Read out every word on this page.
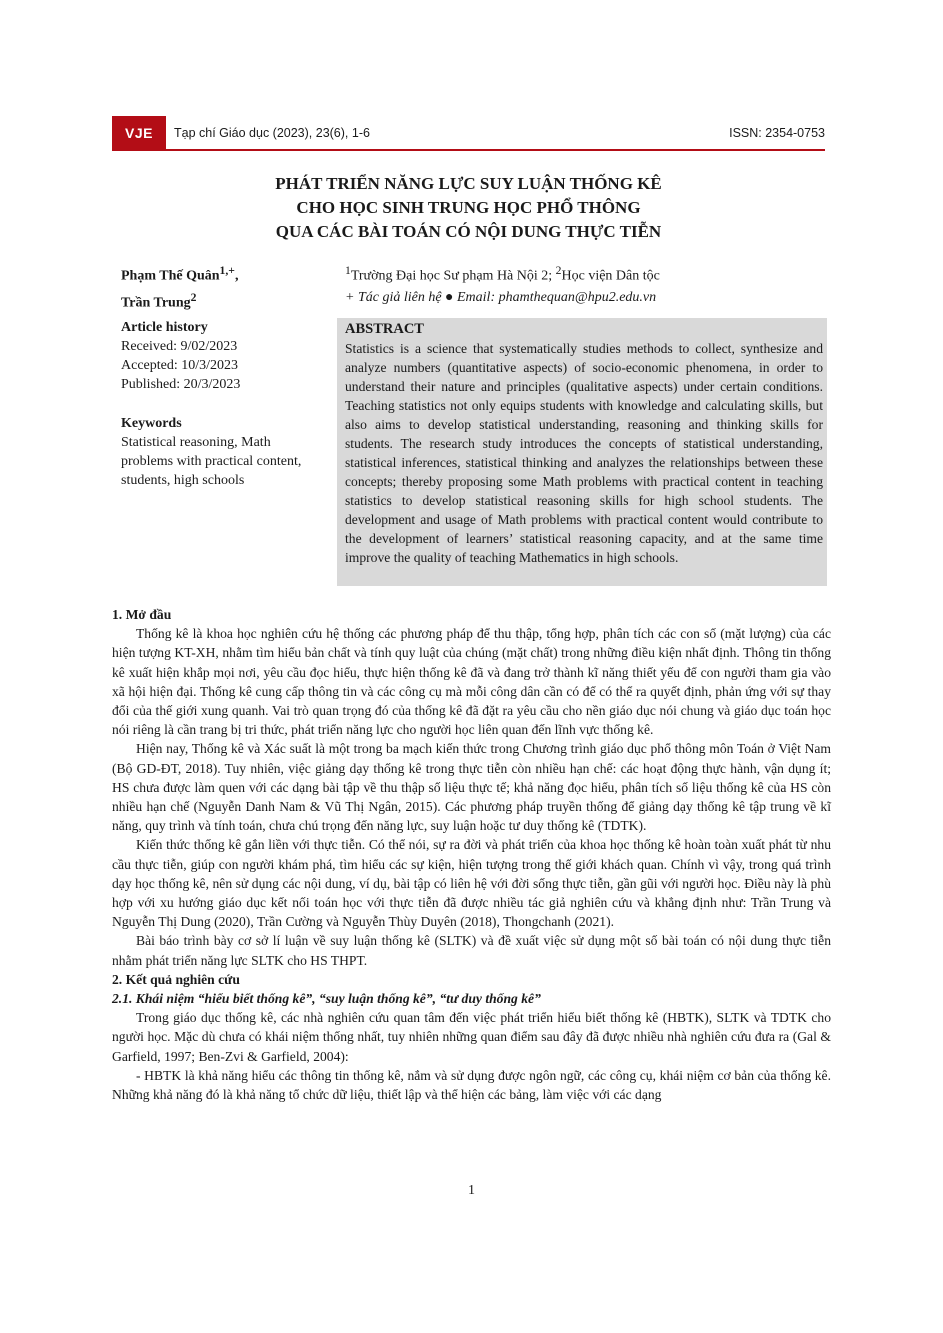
VJE	Tạp chí Giáo dục (2023), 23(6), 1-6	ISSN: 2354-0753
PHÁT TRIỂN NĂNG LỰC SUY LUẬN THỐNG KÊ
CHO HỌC SINH TRUNG HỌC PHỔ THÔNG
QUA CÁC BÀI TOÁN CÓ NỘI DUNG THỰC TIỄN
Phạm Thế Quân$^{1,+}$,
Trần Trung$^2$
$^1$Trường Đại học Sư phạm Hà Nội 2; $^2$Học viện Dân tộc
+ Tác giả liên hệ ● Email: phamthequan@hpu2.edu.vn
Article history
Received: 9/02/2023
Accepted: 10/3/2023
Published: 20/3/2023
Keywords
Statistical reasoning, Math problems with practical content, students, high schools
ABSTRACT
Statistics is a science that systematically studies methods to collect, synthesize and analyze numbers (quantitative aspects) of socio-economic phenomena, in order to understand their nature and principles (qualitative aspects) under certain conditions. Teaching statistics not only equips students with knowledge and calculating skills, but also aims to develop statistical understanding, reasoning and thinking skills for students. The research study introduces the concepts of statistical understanding, statistical inferences, statistical thinking and analyzes the relationships between these concepts; thereby proposing some Math problems with practical content in teaching statistics to develop statistical reasoning skills for high school students. The development and usage of Math problems with practical content would contribute to the development of learners’ statistical reasoning capacity, and at the same time improve the quality of teaching Mathematics in high schools.

1. Mở đầu

Thống kê là khoa học nghiên cứu hệ thống các phương pháp để thu thập, tổng hợp, phân tích các con số (mặt lượng) của các hiện tượng KT-XH, nhằm tìm hiểu bản chất và tính quy luật của chúng (mặt chất) trong những điều kiện nhất định. Thông tin thống kê xuất hiện khắp mọi nơi, yêu cầu đọc hiểu, thực hiện thống kê đã và đang trở thành kĩ năng thiết yếu để con người tham gia vào xã hội hiện đại. Thống kê cung cấp thông tin và các công cụ mà mỗi công dân cần có để có thể ra quyết định, phản ứng với sự thay đổi của thế giới xung quanh. Vai trò quan trọng đó của thống kê đã đặt ra yêu cầu cho nền giáo dục nói chung và giáo dục toán học nói riêng là cần trang bị tri thức, phát triển năng lực cho người học liên quan đến lĩnh vực thống kê.

Hiện nay, Thống kê và Xác suất là một trong ba mạch kiến thức trong Chương trình giáo dục phổ thông môn Toán ở Việt Nam (Bộ GD-ĐT, 2018). Tuy nhiên, việc giảng dạy thống kê trong thực tiễn còn nhiều hạn chế: các hoạt động thực hành, vận dụng ít; HS chưa được làm quen với các dạng bài tập về thu thập số liệu thực tế; khả năng đọc hiểu, phân tích số liệu thống kê của HS còn nhiều hạn chế (Nguyễn Danh Nam & Vũ Thị Ngân, 2015). Các phương pháp truyền thống để giảng dạy thống kê tập trung về kĩ năng, quy trình và tính toán, chưa chú trọng đến năng lực, suy luận hoặc tư duy thống kê (TDTK).

Kiến thức thống kê gắn liền với thực tiễn. Có thể nói, sự ra đời và phát triển của khoa học thống kê hoàn toàn xuất phát từ nhu cầu thực tiễn, giúp con người khám phá, tìm hiểu các sự kiện, hiện tượng trong thế giới khách quan. Chính vì vậy, trong quá trình dạy học thống kê, nên sử dụng các nội dung, ví dụ, bài tập có liên hệ với đời sống thực tiễn, gần gũi với người học. Điều này là phù hợp với xu hướng giáo dục kết nối toán học với thực tiễn đã được nhiều tác giả nghiên cứu và khẳng định như: Trần Trung và Nguyễn Thị Dung (2020), Trần Cường và Nguyễn Thùy Duyên (2018), Thongchanh (2021).

Bài báo trình bày cơ sở lí luận về suy luận thống kê (SLTK) và đề xuất việc sử dụng một số bài toán có nội dung thực tiễn nhằm phát triển năng lực SLTK cho HS THPT.

2. Kết quả nghiên cứu

2.1. Khái niệm “hiểu biết thống kê”, “suy luận thống kê”, “tư duy thống kê”

Trong giáo dục thống kê, các nhà nghiên cứu quan tâm đến việc phát triển hiểu biết thống kê (HBTK), SLTK và TDTK cho người học. Mặc dù chưa có khái niệm thống nhất, tuy nhiên những quan điểm sau đây đã được nhiều nhà nghiên cứu đưa ra (Gal & Garfield, 1997; Ben-Zvi & Garfield, 2004):

- HBTK là khả năng hiểu các thông tin thống kê, nắm và sử dụng được ngôn ngữ, các công cụ, khái niệm cơ bản của thống kê. Những khả năng đó là khả năng tổ chức dữ liệu, thiết lập và thể hiện các bảng, làm việc với các dạng

1
